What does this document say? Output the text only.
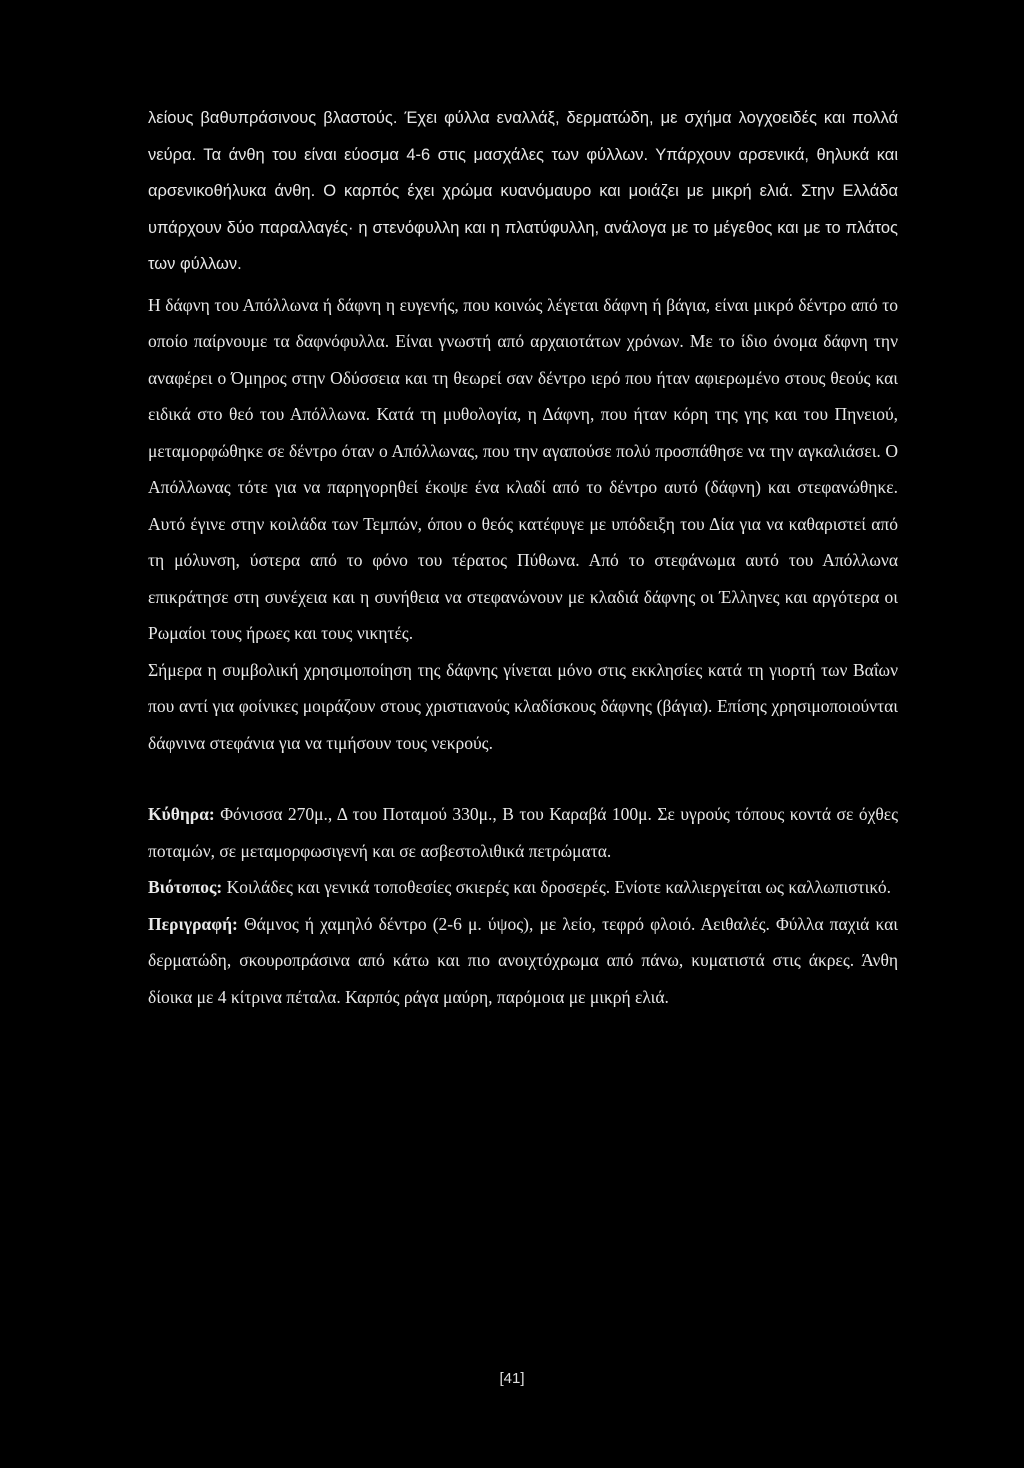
λείους βαθυπράσινους βλαστούς. Έχει φύλλα εναλλάξ, δερματώδη, με σχήμα λογχοειδές και πολλά νεύρα. Τα άνθη του είναι εύοσμα 4-6 στις μασχάλες των φύλλων. Υπάρχουν αρσενικά, θηλυκά και αρσενικοθήλυκα άνθη. Ο καρπός έχει χρώμα κυανόμαυρο και μοιάζει με μικρή ελιά. Στην Ελλάδα υπάρχουν δύο παραλλαγές· η στενόφυλλη και η πλατύφυλλη, ανάλογα με το μέγεθος και με το πλάτος των φύλλων.

Η δάφνη του Απόλλωνα ή δάφνη η ευγενής, που κοινώς λέγεται δάφνη ή βάγια, είναι μικρό δέντρο από το οποίο παίρνουμε τα δαφνόφυλλα. Είναι γνωστή από αρχαιοτάτων χρόνων. Με το ίδιο όνομα δάφνη την αναφέρει ο Όμηρος στην Οδύσσεια και τη θεωρεί σαν δέντρο ιερό που ήταν αφιερωμένο στους θεούς και ειδικά στο θεό του Απόλλωνα. Κατά τη μυθολογία, η Δάφνη, που ήταν κόρη της γης και του Πηνειού, μεταμορφώθηκε σε δέντρο όταν ο Απόλλωνας, που την αγαπούσε πολύ προσπάθησε να την αγκαλιάσει. Ο Απόλλωνας τότε για να παρηγορηθεί έκοψε ένα κλαδί από το δέντρο αυτό (δάφνη) και στεφανώθηκε. Αυτό έγινε στην κοιλάδα των Τεμπών, όπου ο θεός κατέφυγε με υπόδειξη του Δία για να καθαριστεί από τη μόλυνση, ύστερα από το φόνο του τέρατος Πύθωνα. Από το στεφάνωμα αυτό του Απόλλωνα επικράτησε στη συνέχεια και η συνήθεια να στεφανώνουν με κλαδιά δάφνης οι Έλληνες και αργότερα οι Ρωμαίοι τους ήρωες και τους νικητές.

Σήμερα η συμβολική χρησιμοποίηση της δάφνης γίνεται μόνο στις εκκλησίες κατά τη γιορτή των Βαΐων που αντί για φοίνικες μοιράζουν στους χριστιανούς κλαδίσκους δάφνης (βάγια). Επίσης χρησιμοποιούνται δάφνινα στεφάνια για να τιμήσουν τους νεκρούς.

Κύθηρα: Φόνισσα 270μ., Δ του Ποταμού 330μ., Β του Καραβά 100μ. Σε υγρούς τόπους κοντά σε όχθες ποταμών, σε μεταμορφωσιγενή και σε ασβεστολιθικά πετρώματα.

Βιότοπος: Κοιλάδες και γενικά τοποθεσίες σκιερές και δροσερές. Ενίοτε καλλιεργείται ως καλλωπιστικό.

Περιγραφή: Θάμνος ή χαμηλό δέντρο (2-6 μ. ύψος), με λείο, τεφρό φλοιό. Αειθαλές. Φύλλα παχιά και δερματώδη, σκουροπράσινα από κάτω και πιο ανοιχτόχρωμα από πάνω, κυματιστά στις άκρες. Άνθη δίοικα με 4 κίτρινα πέταλα. Καρπός ράγα μαύρη, παρόμοια με μικρή ελιά.

[41]
